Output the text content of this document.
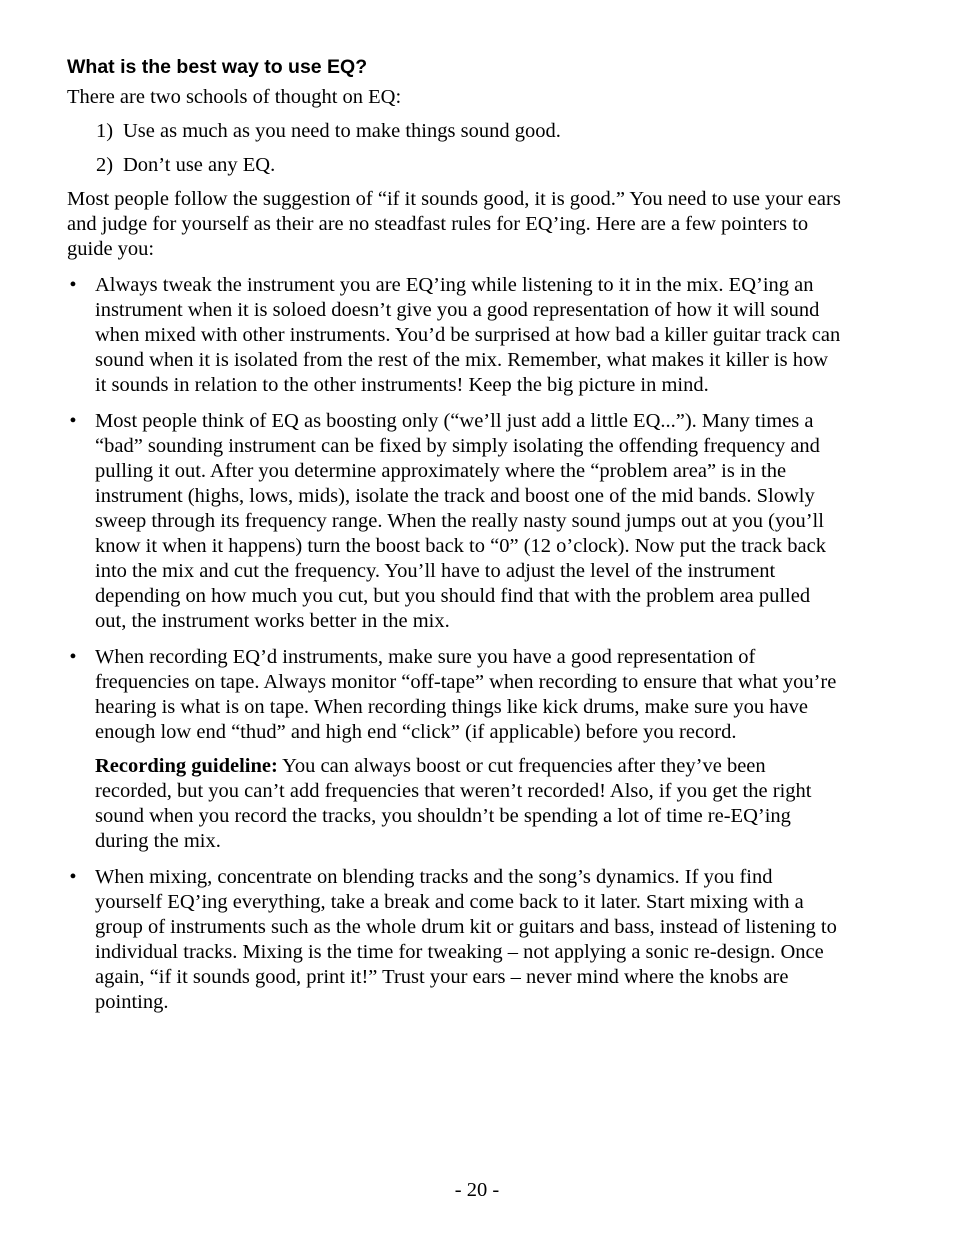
What is the best way to use EQ?

There are two schools of thought on EQ:

1) Use as much as you need to make things sound good.
2) Don’t use any EQ.

Most people follow the suggestion of “if it sounds good, it is good.” You need to use your ears and judge for yourself as their are no steadfast rules for EQ’ing. Here are a few pointers to guide you:

• Always tweak the instrument you are EQ’ing while listening to it in the mix. EQ’ing an instrument when it is soloed doesn’t give you a good representation of how it will sound when mixed with other instruments. You’d be surprised at how bad a killer guitar track can sound when it is isolated from the rest of the mix. Remember, what makes it killer is how it sounds in relation to the other instruments! Keep the big picture in mind.

• Most people think of EQ as boosting only (“we’ll just add a little EQ...”). Many times a “bad” sounding instrument can be fixed by simply isolating the offending frequency and pulling it out. After you determine approximately where the “problem area” is in the instrument (highs, lows, mids), isolate the track and boost one of the mid bands. Slowly sweep through its frequency range. When the really nasty sound jumps out at you (you’ll know it when it happens) turn the boost back to “0” (12 o’clock). Now put the track back into the mix and cut the frequency. You’ll have to adjust the level of the instrument depending on how much you cut, but you should find that with the problem area pulled out, the instrument works better in the mix.

• When recording EQ’d instruments, make sure you have a good representation of frequencies on tape. Always monitor “off-tape” when recording to ensure that what you’re hearing is what is on tape. When recording things like kick drums, make sure you have enough low end “thud” and high end “click” (if applicable) before you record.

Recording guideline: You can always boost or cut frequencies after they’ve been recorded, but you can’t add frequencies that weren’t recorded! Also, if you get the right sound when you record the tracks, you shouldn’t be spending a lot of time re-EQ’ing during the mix.

• When mixing, concentrate on blending tracks and the song’s dynamics. If you find yourself EQ’ing everything, take a break and come back to it later. Start mixing with a group of instruments such as the whole drum kit or guitars and bass, instead of listening to individual tracks. Mixing is the time for tweaking – not applying a sonic re-design. Once again, “if it sounds good, print it!” Trust your ears – never mind where the knobs are pointing.

- 20 -
